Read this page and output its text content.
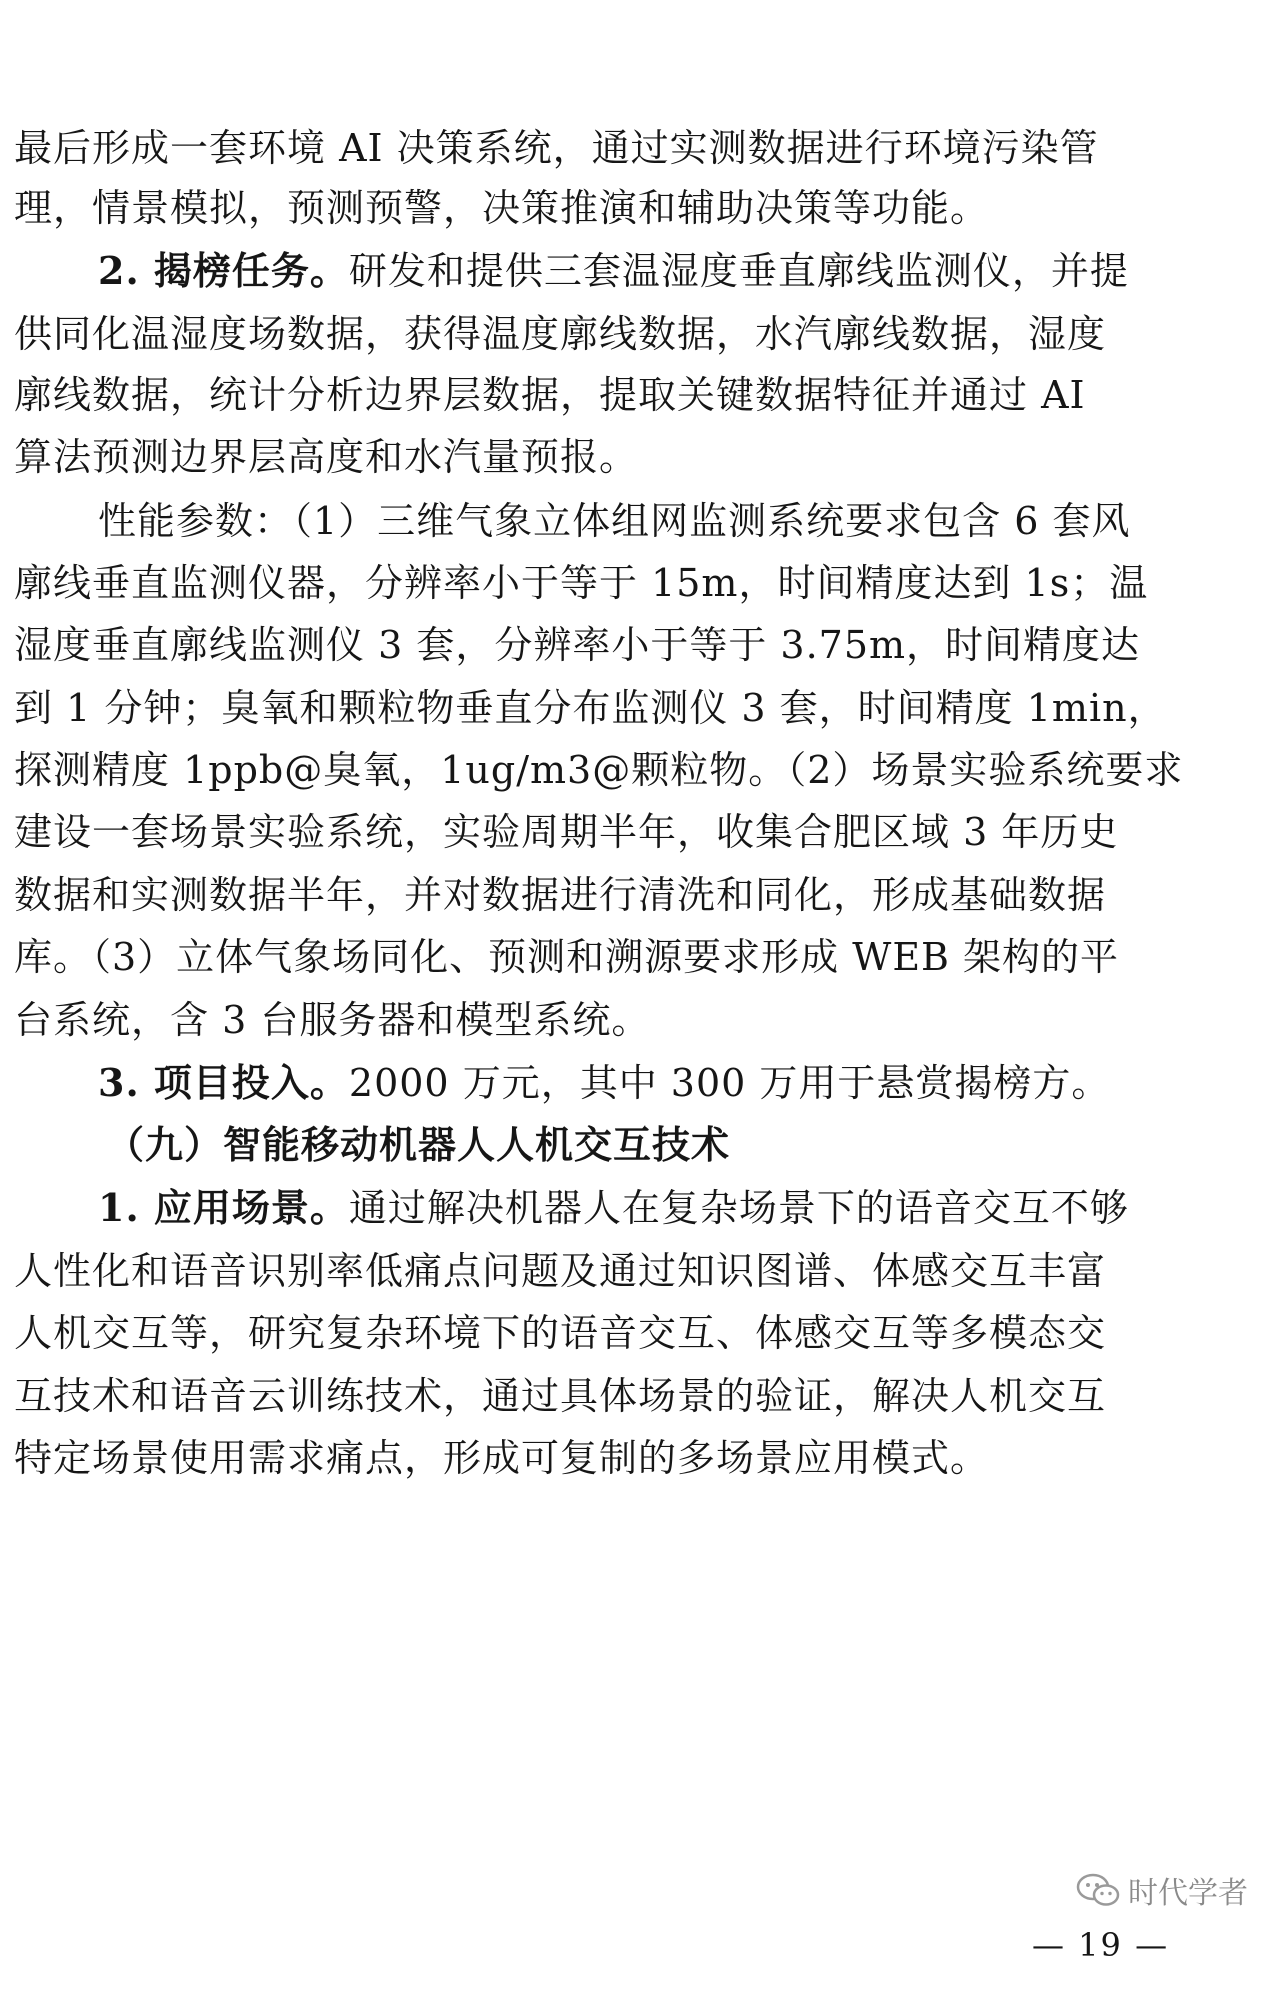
最后形成一套环境 AI 决策系统，通过实测数据进行环境污染管
理，情景模拟，预测预警，决策推演和辅助决策等功能。
2. 揭榜任务。研发和提供三套温湿度垂直廓线监测仪，并提
供同化温湿度场数据，获得温度廓线数据，水汽廓线数据，湿度
廓线数据，统计分析边界层数据，提取关键数据特征并通过 AI
算法预测边界层高度和水汽量预报。
性能参数：（1）三维气象立体组网监测系统要求包含 6 套风
廓线垂直监测仪器，分辨率小于等于 15m，时间精度达到 1s；温
湿度垂直廓线监测仪 3 套，分辨率小于等于 3.75m，时间精度达
到 1 分钟；臭氧和颗粒物垂直分布监测仪 3 套，时间精度 1min，
探测精度 1ppb@臭氧，1ug/m3@颗粒物。（2）场景实验系统要求
建设一套场景实验系统，实验周期半年，收集合肥区域 3 年历史
数据和实测数据半年，并对数据进行清洗和同化，形成基础数据
库。（3）立体气象场同化、预测和溯源要求形成 WEB 架构的平
台系统，含 3 台服务器和模型系统。
3. 项目投入。2000 万元，其中 300 万用于悬赏揭榜方。
（九）智能移动机器人人机交互技术
1. 应用场景。通过解决机器人在复杂场景下的语音交互不够
人性化和语音识别率低痛点问题及通过知识图谱、体感交互丰富
人机交互等，研究复杂环境下的语音交互、体感交互等多模态交
互技术和语音云训练技术，通过具体场景的验证，解决人机交互
特定场景使用需求痛点，形成可复制的多场景应用模式。
时代学者
— 19 —
